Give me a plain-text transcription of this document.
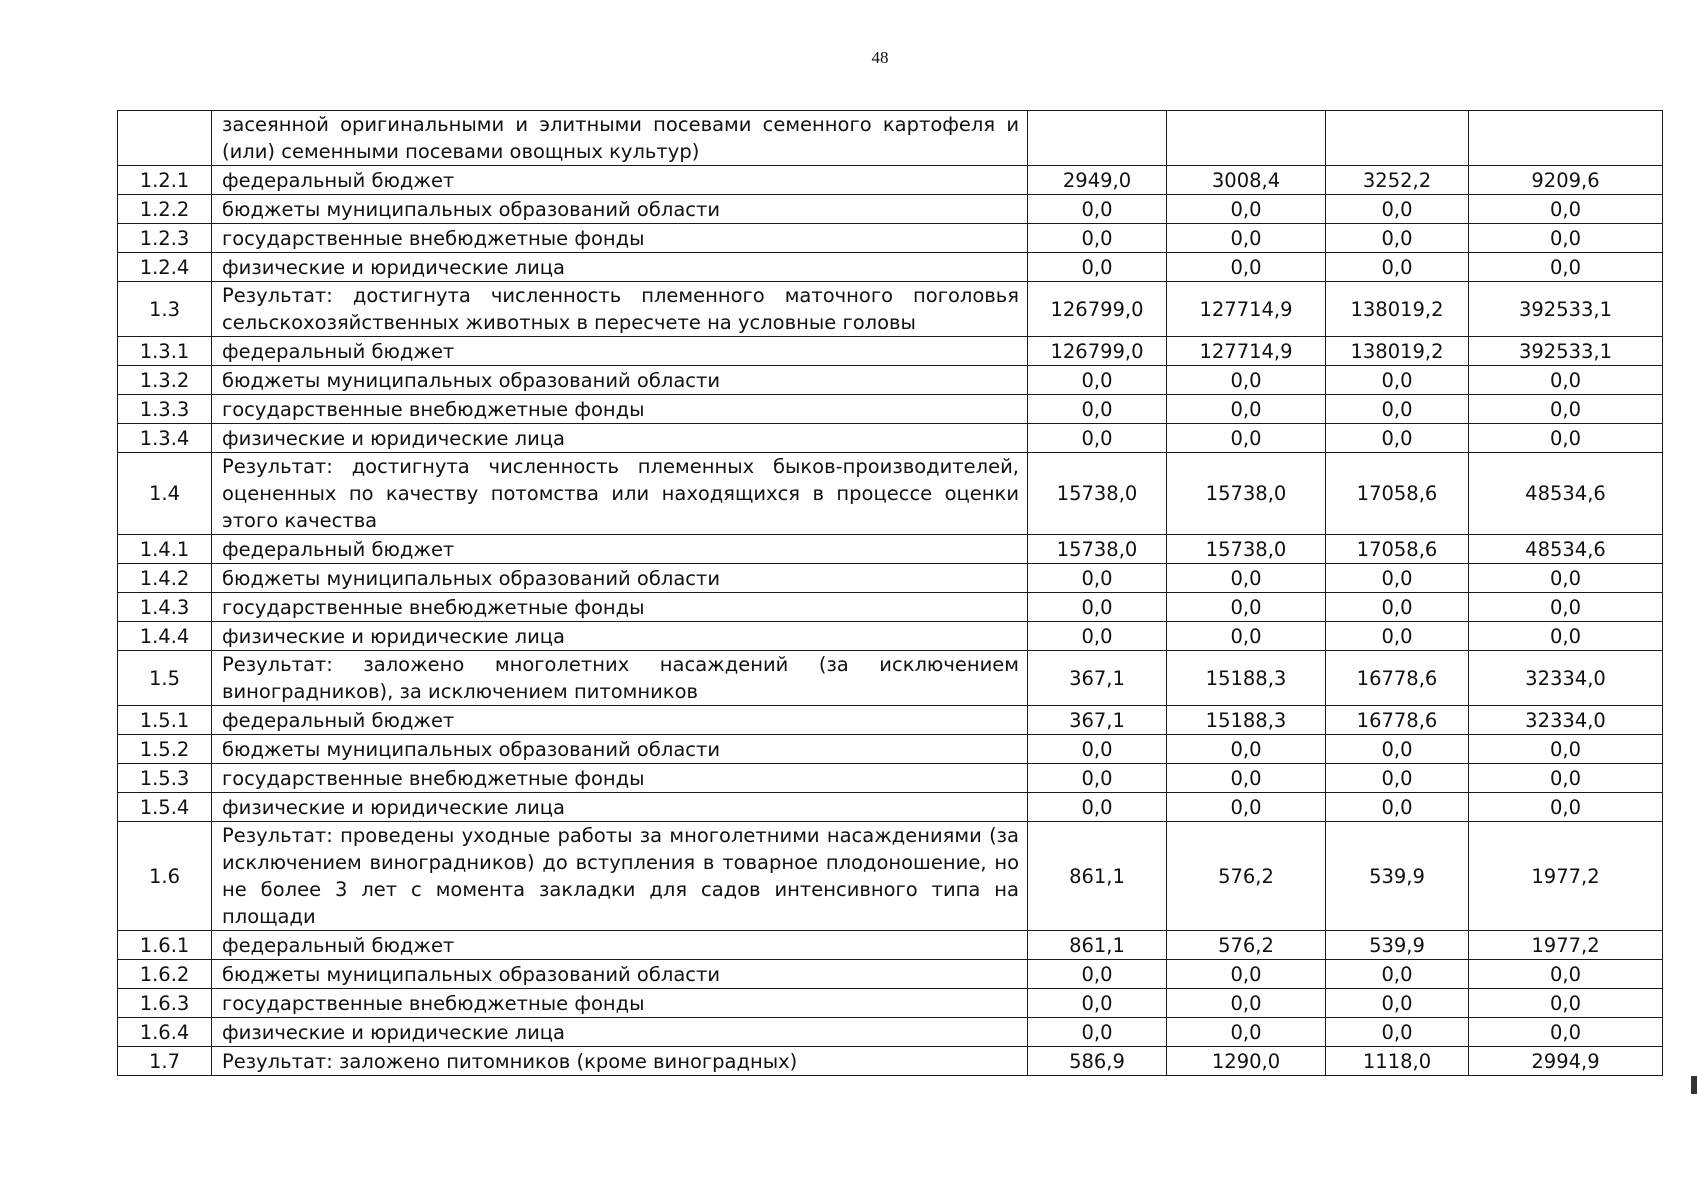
48
	засеянной оригинальными и элитными посевами семенного картофеля и (или) семенными посевами овощных культур)				
1.2.1	федеральный бюджет	2949,0	3008,4	3252,2	9209,6
1.2.2	бюджеты муниципальных образований области	0,0	0,0	0,0	0,0
1.2.3	государственные внебюджетные фонды	0,0	0,0	0,0	0,0
1.2.4	физические и юридические лица	0,0	0,0	0,0	0,0
1.3	Результат: достигнута численность племенного маточного поголовья сельскохозяйственных животных в пересчете на условные головы	126799,0	127714,9	138019,2	392533,1
1.3.1	федеральный бюджет	126799,0	127714,9	138019,2	392533,1
1.3.2	бюджеты муниципальных образований области	0,0	0,0	0,0	0,0
1.3.3	государственные внебюджетные фонды	0,0	0,0	0,0	0,0
1.3.4	физические и юридические лица	0,0	0,0	0,0	0,0
1.4	Результат: достигнута численность племенных быков-производителей, оцененных по качеству потомства или находящихся в процессе оценки этого качества	15738,0	15738,0	17058,6	48534,6
1.4.1	федеральный бюджет	15738,0	15738,0	17058,6	48534,6
1.4.2	бюджеты муниципальных образований области	0,0	0,0	0,0	0,0
1.4.3	государственные внебюджетные фонды	0,0	0,0	0,0	0,0
1.4.4	физические и юридические лица	0,0	0,0	0,0	0,0
1.5	Результат: заложено многолетних насаждений (за исключением виноградников), за исключением питомников	367,1	15188,3	16778,6	32334,0
1.5.1	федеральный бюджет	367,1	15188,3	16778,6	32334,0
1.5.2	бюджеты муниципальных образований области	0,0	0,0	0,0	0,0
1.5.3	государственные внебюджетные фонды	0,0	0,0	0,0	0,0
1.5.4	физические и юридические лица	0,0	0,0	0,0	0,0
1.6	Результат: проведены уходные работы за многолетними насаждениями (за исключением виноградников) до вступления в товарное плодоношение, но не более 3 лет с момента закладки для садов интенсивного типа на площади	861,1	576,2	539,9	1977,2
1.6.1	федеральный бюджет	861,1	576,2	539,9	1977,2
1.6.2	бюджеты муниципальных образований области	0,0	0,0	0,0	0,0
1.6.3	государственные внебюджетные фонды	0,0	0,0	0,0	0,0
1.6.4	физические и юридические лица	0,0	0,0	0,0	0,0
1.7	Результат: заложено питомников (кроме виноградных)	586,9	1290,0	1118,0	2994,9
